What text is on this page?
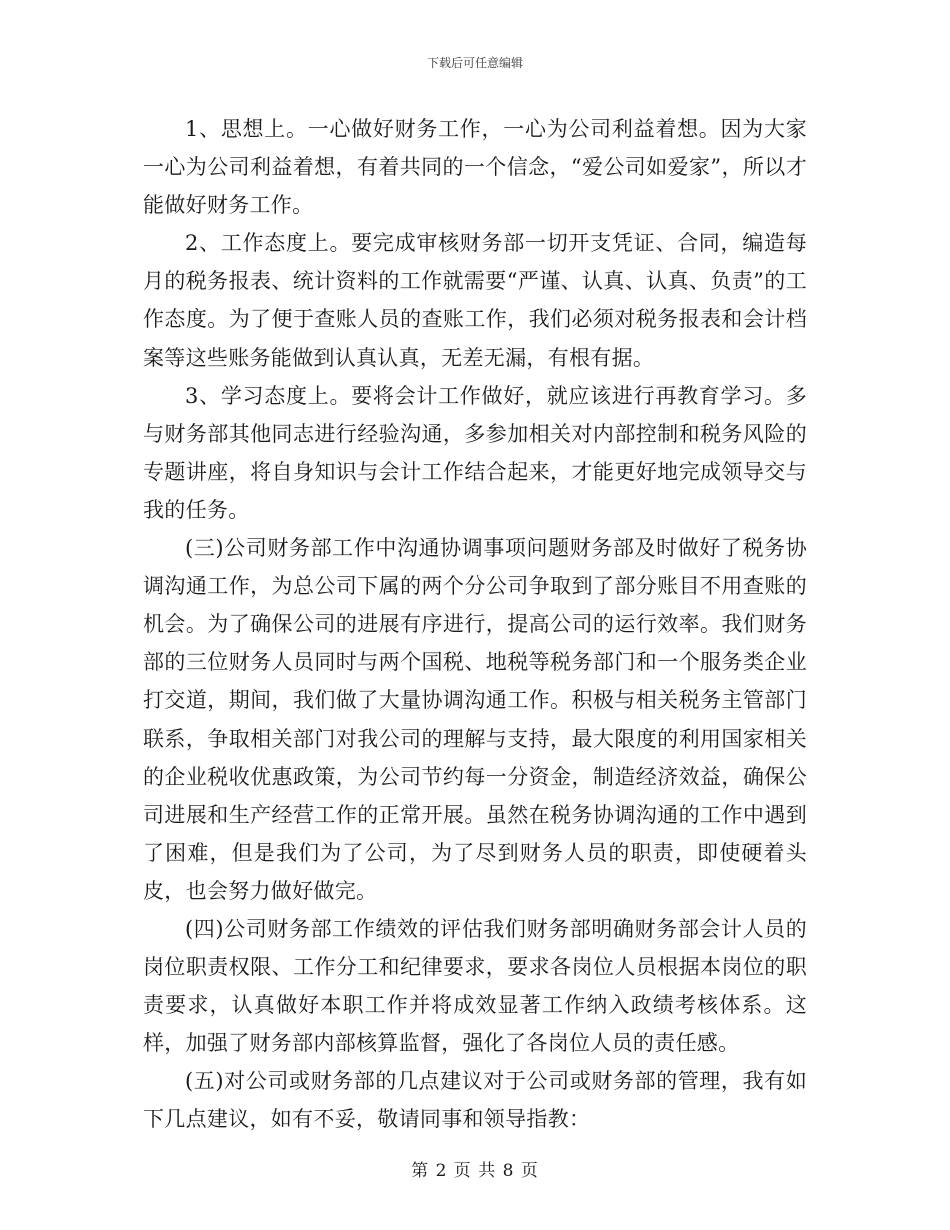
下载后可任意编辑

1、思想上。一心做好财务工作，一心为公司利益着想。因为大家一心为公司利益着想，有着共同的一个信念，“爱公司如爱家”，所以才能做好财务工作。

2、工作态度上。要完成审核财务部一切开支凭证、合同，编造每月的税务报表、统计资料的工作就需要“严谨、认真、认真、负责”的工作态度。为了便于查账人员的查账工作，我们必须对税务报表和会计档案等这些账务能做到认真认真，无差无漏，有根有据。

3、学习态度上。要将会计工作做好，就应该进行再教育学习。多与财务部其他同志进行经验沟通，多参加相关对内部控制和税务风险的专题讲座，将自身知识与会计工作结合起来，才能更好地完成领导交与我的任务。

(三)公司财务部工作中沟通协调事项问题财务部及时做好了税务协调沟通工作，为总公司下属的两个分公司争取到了部分账目不用查账的机会。为了确保公司的进展有序进行，提高公司的运行效率。我们财务部的三位财务人员同时与两个国税、地税等税务部门和一个服务类企业打交道，期间，我们做了大量协调沟通工作。积极与相关税务主管部门联系，争取相关部门对我公司的理解与支持，最大限度的利用国家相关的企业税收优惠政策，为公司节约每一分资金，制造经济效益，确保公司进展和生产经营工作的正常开展。虽然在税务协调沟通的工作中遇到了困难，但是我们为了公司，为了尽到财务人员的职责，即使硬着头皮，也会努力做好做完。

(四)公司财务部工作绩效的评估我们财务部明确财务部会计人员的岗位职责权限、工作分工和纪律要求，要求各岗位人员根据本岗位的职责要求，认真做好本职工作并将成效显著工作纳入政绩考核体系。这样，加强了财务部内部核算监督，强化了各岗位人员的责任感。

(五)对公司或财务部的几点建议对于公司或财务部的管理，我有如下几点建议，如有不妥，敬请同事和领导指教：

第 2 页 共 8 页
